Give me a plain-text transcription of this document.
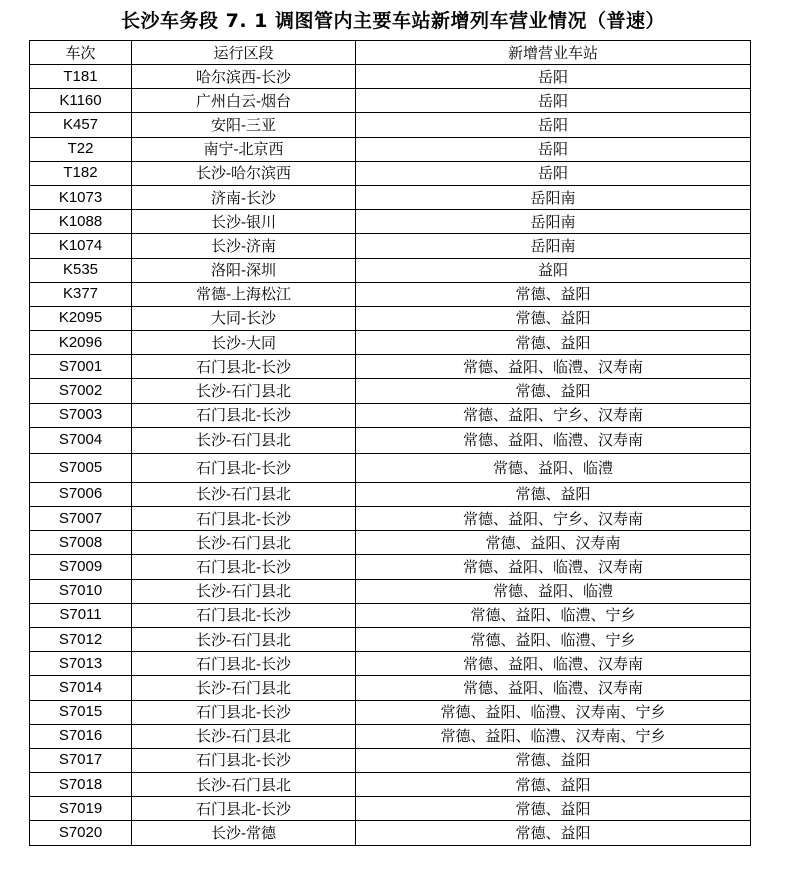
长沙车务段 7. 1 调图管内主要车站新增列车营业情况（普速）
车次	运行区段	新增营业车站
T181	哈尔滨西-长沙	岳阳
K1160	广州白云-烟台	岳阳
K457	安阳-三亚	岳阳
T22	南宁-北京西	岳阳
T182	长沙-哈尔滨西	岳阳
K1073	济南-长沙	岳阳南
K1088	长沙-银川	岳阳南
K1074	长沙-济南	岳阳南
K535	洛阳-深圳	益阳
K377	常德-上海松江	常德、益阳
K2095	大同-长沙	常德、益阳
K2096	长沙-大同	常德、益阳
S7001	石门县北-长沙	常德、益阳、临澧、汉寿南
S7002	长沙-石门县北	常德、益阳
S7003	石门县北-长沙	常德、益阳、宁乡、汉寿南
S7004	长沙-石门县北	常德、益阳、临澧、汉寿南
S7005	石门县北-长沙	常德、益阳、临澧
S7006	长沙-石门县北	常德、益阳
S7007	石门县北-长沙	常德、益阳、宁乡、汉寿南
S7008	长沙-石门县北	常德、益阳、汉寿南
S7009	石门县北-长沙	常德、益阳、临澧、汉寿南
S7010	长沙-石门县北	常德、益阳、临澧
S7011	石门县北-长沙	常德、益阳、临澧、宁乡
S7012	长沙-石门县北	常德、益阳、临澧、宁乡
S7013	石门县北-长沙	常德、益阳、临澧、汉寿南
S7014	长沙-石门县北	常德、益阳、临澧、汉寿南
S7015	石门县北-长沙	常德、益阳、临澧、汉寿南、宁乡
S7016	长沙-石门县北	常德、益阳、临澧、汉寿南、宁乡
S7017	石门县北-长沙	常德、益阳
S7018	长沙-石门县北	常德、益阳
S7019	石门县北-长沙	常德、益阳
S7020	长沙-常德	常德、益阳
